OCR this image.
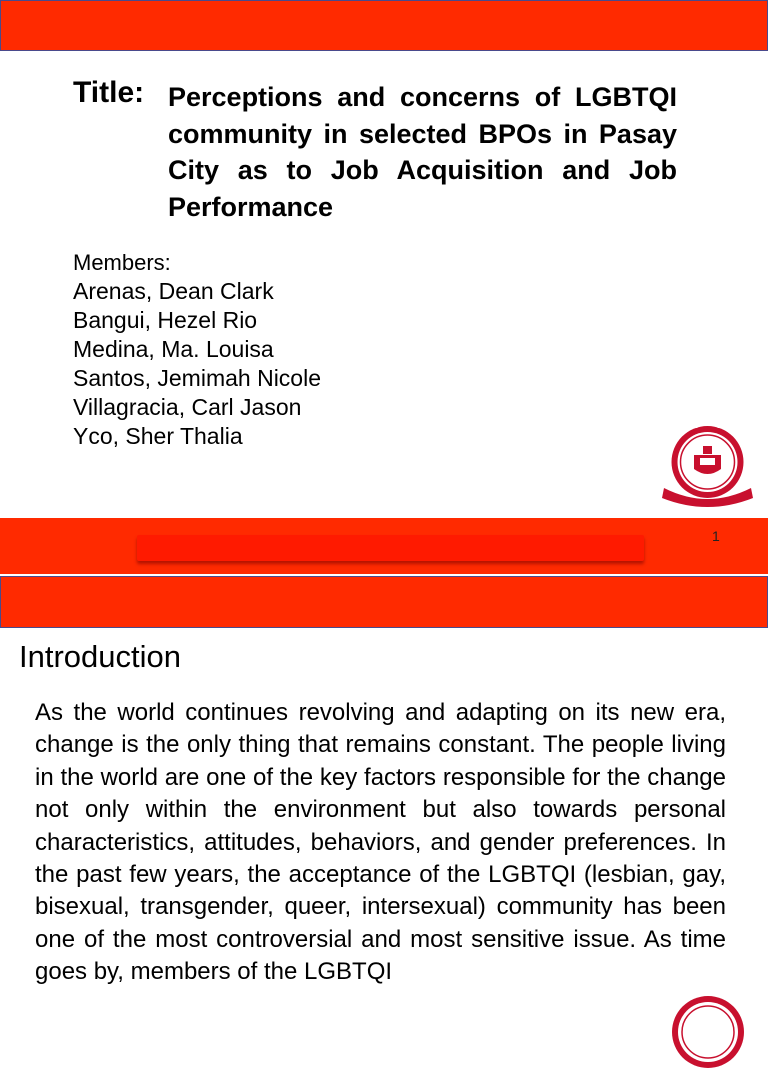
Title: Perceptions and concerns of LGBTQI community in selected BPOs in Pasay City as to Job Acquisition and Job Performance
Members:
Arenas, Dean Clark
Bangui, Hezel Rio
Medina, Ma. Louisa
Santos, Jemimah Nicole
Villagracia, Carl Jason
Yco, Sher Thalia
1
Introduction

As the world continues revolving and adapting on its new era, change is the only thing that remains constant. The people living in the world are one of the key factors responsible for the change not only within the environment but also towards personal characteristics, attitudes, behaviors, and gender preferences. In the past few years, the acceptance of the LGBTQI (lesbian, gay, bisexual, transgender, queer, intersexual) community has been one of the most controversial and most sensitive issue. As time goes by, members of the LGBTQI
